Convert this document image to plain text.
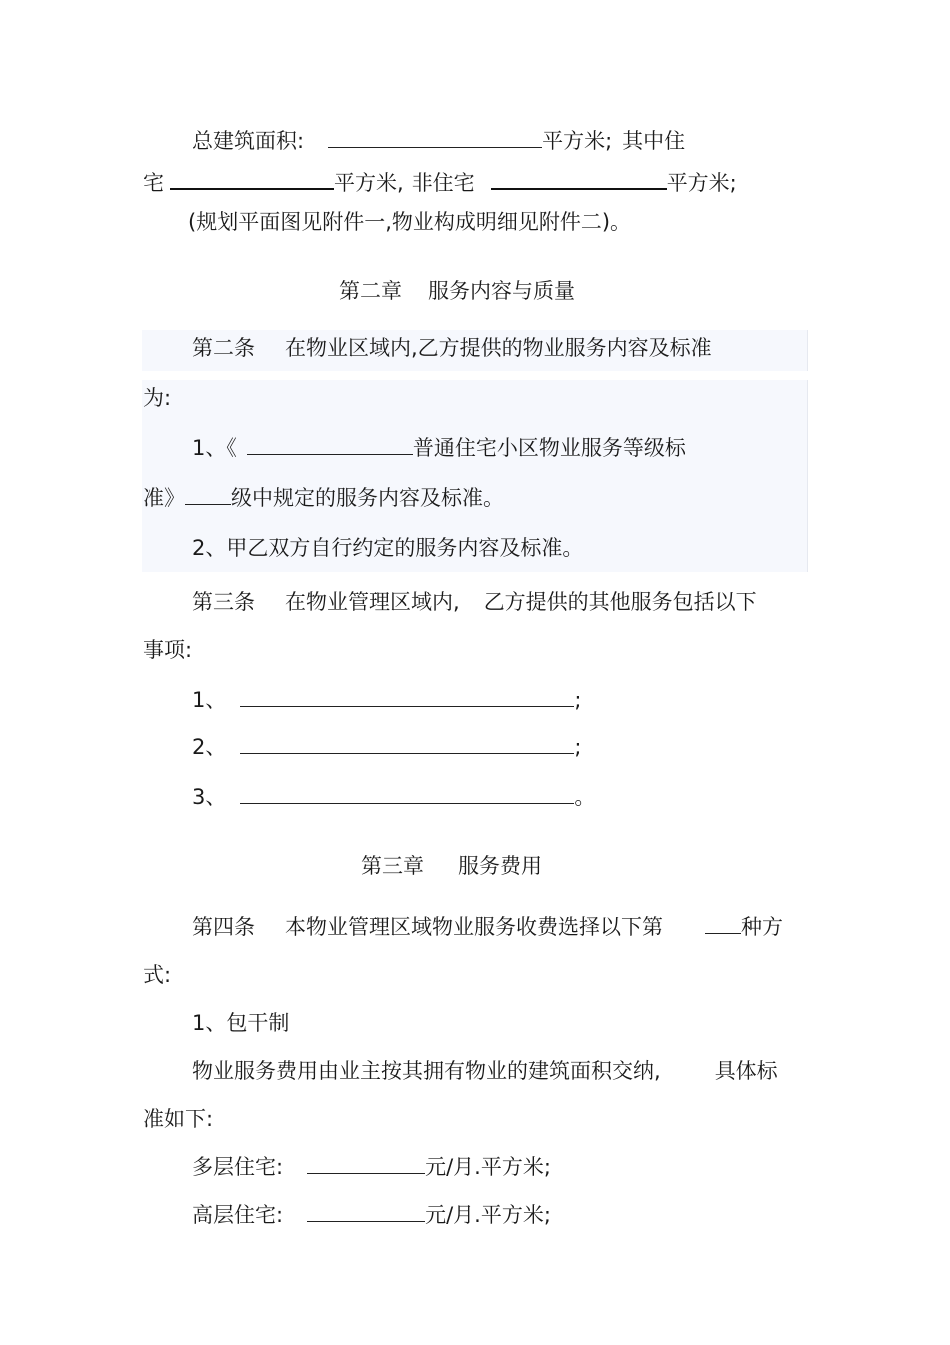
总建筑面积:	平方米; 其中住
宅	平方米, 非住宅	平方米;
(规划平面图见附件一,物业构成明细见附件二)。
第二章 服务内容与质量
第二条 在物业区域内,乙方提供的物业服务内容及标准
为:
1、《	普通住宅小区物业服务等级标
准》 级中规定的服务内容及标准。
2、甲乙双方自行约定的服务内容及标准。
第三条 在物业管理区域内, 乙方提供的其他服务包括以下
事项:
1、	;
2、	;
3、	。
第三章 服务费用
第四条 本物业管理区域物业服务收费选择以下第	种方
式:
1、包干制
物业服务费用由业主按其拥有物业的建筑面积交纳,	具体标
准如下:
多层住宅:	元/月.平方米;
高层住宅:	元/月.平方米;
